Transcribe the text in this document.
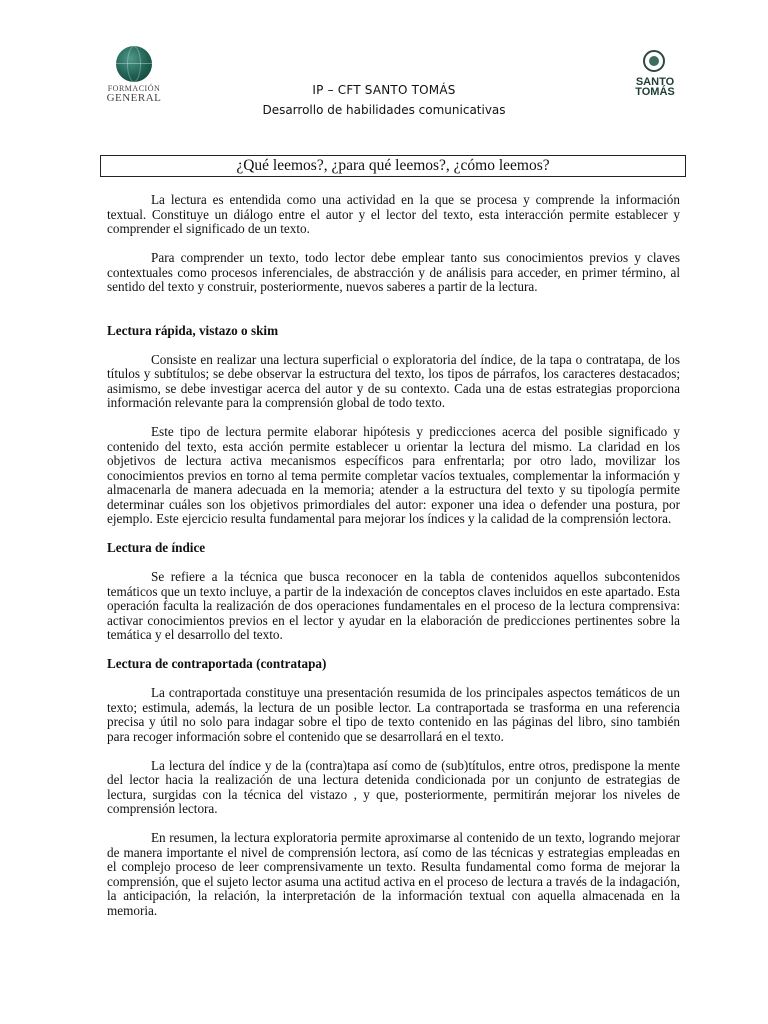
FORMACIÓN
GENERAL
SANTO
TOMÁS
IP – CFT SANTO TOMÁS
Desarrollo de habilidades comunicativas
¿Qué leemos?, ¿para qué leemos?, ¿cómo leemos?

La lectura es entendida como una actividad en la que se procesa y comprende la información textual. Constituye un diálogo entre el autor y el lector del texto, esta interacción permite establecer y comprender el significado de un texto.

Para comprender un texto, todo lector debe emplear tanto sus conocimientos previos y claves contextuales como procesos inferenciales, de abstracción y de análisis para acceder, en primer término, al sentido del texto y construir, posteriormente, nuevos saberes a partir de la lectura.

Lectura rápida, vistazo o skim

Consiste en realizar una lectura superficial o exploratoria del índice, de la tapa o contratapa, de los títulos y subtítulos; se debe observar la estructura del texto, los tipos de párrafos, los caracteres destacados; asimismo, se debe investigar acerca del autor y de su contexto. Cada una de estas estrategias proporciona información relevante para la comprensión global de todo texto.

Este tipo de lectura permite elaborar hipótesis y predicciones acerca del posible significado y contenido del texto, esta acción permite establecer u orientar la lectura del mismo. La claridad en los objetivos de lectura activa mecanismos específicos para enfrentarla; por otro lado, movilizar los conocimientos previos en torno al tema permite completar vacíos textuales, complementar la información y almacenarla de manera adecuada en la memoria; atender a la estructura del texto y su tipología permite determinar cuáles son los objetivos primordiales del autor: exponer una idea o defender una postura, por ejemplo. Este ejercicio resulta fundamental para mejorar los índices y la calidad de la comprensión lectora.

Lectura de índice

Se refiere a la técnica que busca reconocer en la tabla de contenidos aquellos subcontenidos temáticos que un texto incluye, a partir de la indexación de conceptos claves incluidos en este apartado. Esta operación faculta la realización de dos operaciones fundamentales en el proceso de la lectura comprensiva: activar conocimientos previos en el lector y ayudar en la elaboración de predicciones pertinentes sobre la temática y el desarrollo del texto.

Lectura de contraportada (contratapa)

La contraportada constituye una presentación resumida de los principales aspectos temáticos de un texto; estimula, además, la lectura de un posible lector. La contraportada se trasforma en una referencia precisa y útil no solo para indagar sobre el tipo de texto contenido en las páginas del libro, sino también para recoger información sobre el contenido que se desarrollará en el texto.

La lectura del índice y de la (contra)tapa así como de (sub)títulos, entre otros, predispone la mente del lector hacia la realización de una lectura detenida condicionada por un conjunto de estrategias de lectura, surgidas con la técnica del vistazo , y que, posteriormente, permitirán mejorar los niveles de comprensión lectora.

En resumen, la lectura exploratoria permite aproximarse al contenido de un texto, logrando mejorar de manera importante el nivel de comprensión lectora, así como de las técnicas y estrategias empleadas en el complejo proceso de leer comprensivamente un texto. Resulta fundamental como forma de mejorar la comprensión, que el sujeto lector asuma una actitud activa en el proceso de lectura a través de la indagación, la anticipación, la relación, la interpretación de la información textual con aquella almacenada en la memoria.
